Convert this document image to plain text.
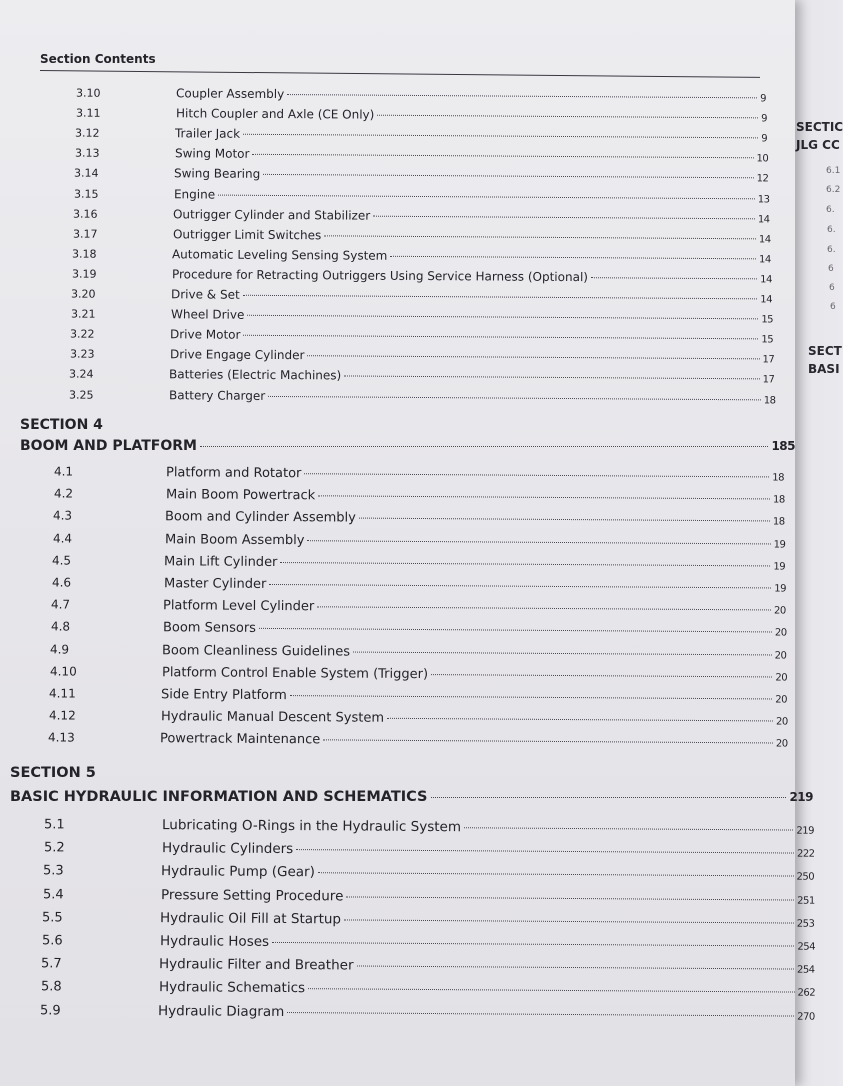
SECTIC
JLG CC
6.1
6.2
6.
6.
6.
6
6
6
SECT
BASI
Section Contents
SECTION 4
BOOM AND PLATFORM	185
SECTION 5
BASIC HYDRAULIC INFORMATION AND SCHEMATICS	219
3.10	Coupler Assembly	9
3.11	Hitch Coupler and Axle (CE Only)	9
3.12	Trailer Jack	9
3.13	Swing Motor	10
3.14	Swing Bearing	12
3.15	Engine	13
3.16	Outrigger Cylinder and Stabilizer	14
3.17	Outrigger Limit Switches	14
3.18	Automatic Leveling Sensing System	14
3.19	Procedure for Retracting Outriggers Using Service Harness (Optional)	14
3.20	Drive & Set	14
3.21	Wheel Drive	15
3.22	Drive Motor	15
3.23	Drive Engage Cylinder	17
3.24	Batteries (Electric Machines)	17
3.25	Battery Charger	18
4.1	Platform and Rotator	18
4.2	Main Boom Powertrack	18
4.3	Boom and Cylinder Assembly	18
4.4	Main Boom Assembly	19
4.5	Main Lift Cylinder	19
4.6	Master Cylinder	19
4.7	Platform Level Cylinder	20
4.8	Boom Sensors	20
4.9	Boom Cleanliness Guidelines	20
4.10	Platform Control Enable System (Trigger)	20
4.11	Side Entry Platform	20
4.12	Hydraulic Manual Descent System	20
4.13	Powertrack Maintenance	20
5.1	Lubricating O-Rings in the Hydraulic System	219
5.2	Hydraulic Cylinders	222
5.3	Hydraulic Pump (Gear)	250
5.4	Pressure Setting Procedure	251
5.5	Hydraulic Oil Fill at Startup	253
5.6	Hydraulic Hoses	254
5.7	Hydraulic Filter and Breather	254
5.8	Hydraulic Schematics	262
5.9	Hydraulic Diagram	270
